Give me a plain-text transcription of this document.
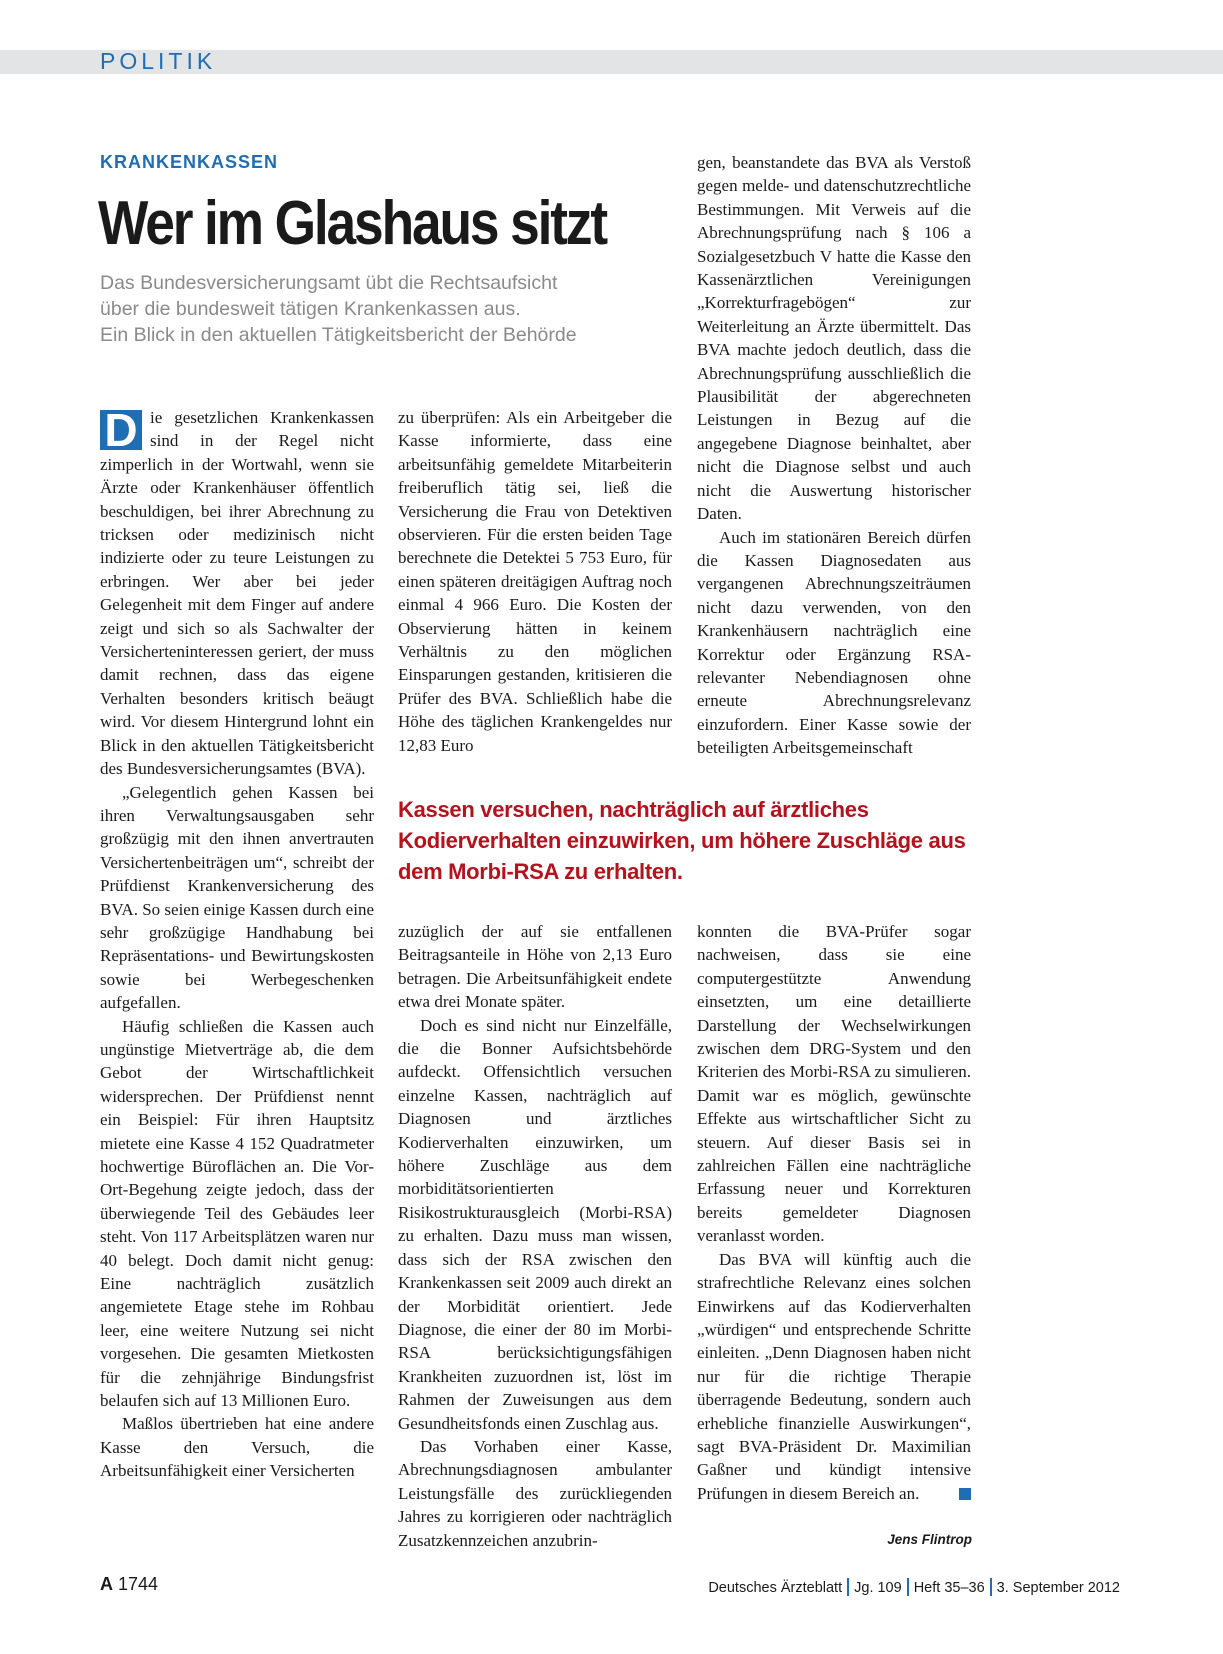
POLITIK
KRANKENKASSEN
Wer im Glashaus sitzt
Das Bundesversicherungsamt übt die Rechtsaufsicht
über die bundesweit tätigen Krankenkassen aus.
Ein Blick in den aktuellen Tätigkeitsbericht der Behörde

D ie gesetzlichen Krankenkassen sind in der Regel nicht zimperlich in der Wortwahl, wenn sie Ärzte oder Krankenhäuser öffentlich beschuldigen, bei ihrer Abrechnung zu tricksen oder medizinisch nicht indizierte oder zu teure Leistungen zu erbringen. Wer aber bei jeder Gelegenheit mit dem Finger auf andere zeigt und sich so als Sachwalter der Versicherteninteressen geriert, der muss damit rechnen, dass das eigene Verhalten besonders kritisch beäugt wird. Vor diesem Hintergrund lohnt ein Blick in den aktuellen Tätigkeitsbericht des Bundesversicherungsamtes (BVA).

„Gelegentlich gehen Kassen bei ihren Verwaltungsausgaben sehr großzügig mit den ihnen anvertrauten Versichertenbeiträgen um“, schreibt der Prüfdienst Krankenversicherung des BVA. So seien einige Kassen durch eine sehr großzügige Handhabung bei Repräsentations- und Bewirtungskosten sowie bei Werbegeschenken aufgefallen.

Häufig schließen die Kassen auch ungünstige Mietverträge ab, die dem Gebot der Wirtschaftlichkeit widersprechen. Der Prüfdienst nennt ein Beispiel: Für ihren Hauptsitz mietete eine Kasse 4 152 Quadratmeter hochwertige Büroflächen an. Die Vor-Ort-Begehung zeigte jedoch, dass der überwiegende Teil des Gebäudes leer steht. Von 117 Arbeitsplätzen waren nur 40 belegt. Doch damit nicht genug: Eine nachträglich zusätzlich angemietete Etage stehe im Rohbau leer, eine weitere Nutzung sei nicht vorgesehen. Die gesamten Mietkosten für die zehnjährige Bindungsfrist belaufen sich auf 13 Millionen Euro.

Maßlos übertrieben hat eine andere Kasse den Versuch, die Arbeitsunfähigkeit einer Versicherten

zu überprüfen: Als ein Arbeitgeber die Kasse informierte, dass eine arbeitsunfähig gemeldete Mitarbeiterin freiberuflich tätig sei, ließ die Versicherung die Frau von Detektiven observieren. Für die ersten beiden Tage berechnete die Detektei 5 753 Euro, für einen späteren dreitägigen Auftrag noch einmal 4 966 Euro. Die Kosten der Observierung hätten in keinem Verhältnis zu den möglichen Einsparungen gestanden, kritisieren die Prüfer des BVA. Schließlich habe die Höhe des täglichen Krankengeldes nur 12,83 Euro

gen, beanstandete das BVA als Verstoß gegen melde- und datenschutzrechtliche Bestimmungen. Mit Verweis auf die Abrechnungsprüfung nach § 106 a Sozialgesetzbuch V hatte die Kasse den Kassenärztlichen Vereinigungen „Korrekturfragebögen“ zur Weiterleitung an Ärzte übermittelt. Das BVA machte jedoch deutlich, dass die Abrechnungsprüfung ausschließlich die Plausibilität der abgerechneten Leistungen in Bezug auf die angegebene Diagnose beinhaltet, aber nicht die Diagnose selbst und auch nicht die Auswertung historischer Daten.

Auch im stationären Bereich dürfen die Kassen Diagnosedaten aus vergangenen Abrechnungszeiträumen nicht dazu verwenden, von den Krankenhäusern nachträglich eine Korrektur oder Ergänzung RSA-relevanter Nebendiagnosen ohne erneute Abrechnungsrelevanz einzufordern. Einer Kasse sowie der beteiligten Arbeitsgemeinschaft

Kassen versuchen, nachträglich auf ärztliches Kodierverhalten einzuwirken, um höhere Zuschläge aus dem Morbi-RSA zu erhalten.

zuzüglich der auf sie entfallenen Beitragsanteile in Höhe von 2,13 Euro betragen. Die Arbeitsunfähigkeit endete etwa drei Monate später.

Doch es sind nicht nur Einzelfälle, die die Bonner Aufsichtsbehörde aufdeckt. Offensichtlich versuchen einzelne Kassen, nachträglich auf Diagnosen und ärztliches Kodierverhalten einzuwirken, um höhere Zuschläge aus dem morbiditätsorientierten Risikostrukturausgleich (Morbi-RSA) zu erhalten. Dazu muss man wissen, dass sich der RSA zwischen den Krankenkassen seit 2009 auch direkt an der Morbidität orientiert. Jede Diagnose, die einer der 80 im Morbi-RSA berücksichtigungsfähigen Krankheiten zuzuordnen ist, löst im Rahmen der Zuweisungen aus dem Gesundheitsfonds einen Zuschlag aus.

Das Vorhaben einer Kasse, Abrechnungsdiagnosen ambulanter Leistungsfälle des zurückliegenden Jahres zu korrigieren oder nachträglich Zusatzkennzeichen anzubrin-

konnten die BVA-Prüfer sogar nachweisen, dass sie eine computergestützte Anwendung einsetzten, um eine detaillierte Darstellung der Wechselwirkungen zwischen dem DRG-System und den Kriterien des Morbi-RSA zu simulieren. Damit war es möglich, gewünschte Effekte aus wirtschaftlicher Sicht zu steuern. Auf dieser Basis sei in zahlreichen Fällen eine nachträgliche Erfassung neuer und Korrekturen bereits gemeldeter Diagnosen veranlasst worden.

Das BVA will künftig auch die strafrechtliche Relevanz eines solchen Einwirkens auf das Kodierverhalten „würdigen“ und entsprechende Schritte einleiten. „Denn Diagnosen haben nicht nur für die richtige Therapie überragende Bedeutung, sondern auch erhebliche finanzielle Auswirkungen“, sagt BVA-Präsident Dr. Maximilian Gaßner und kündigt intensive Prüfungen in diesem Bereich an.

Jens Flintrop
A 1744	Deutsches Ärzteblatt Jg. 109 Heft 35–36 3. September 2012
